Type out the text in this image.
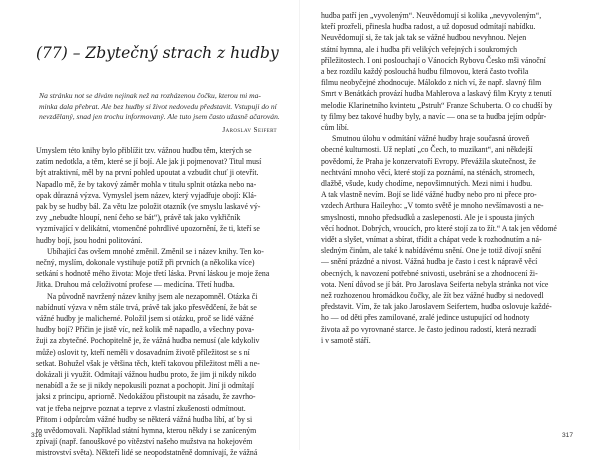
(77) – Zbytečný strach z hudby
Na stránku not se dívám nejinak než na rozházenou čočku, kterou mi ma-
minka dala přebrat. Ale bez hudby si život nedovedu představit. Vstupuji do ní
nevzdělaný, snad jen trochu informovaný. Ale tuto jsem často užasně ačarován.
Jaroslav Seifert
Umyslem této knihy bylo přiblížit tzv. vážnou hudbu těm, kterých se
zatím nedotkla, a těm, které se jí bojí. Ale jak ji pojmenovat? Titul musí
být atraktivní, měl by na první pohled upoutat a vzbudit chuť ji otevřít.
Napadlo mě, že by takový záměr mohla v titulu splnit otázka nebo na-
opak důrazná výzva. Vymyslel jsem název, který vyjadřuje obojí: Klá-
pak by se hudby bál. Za větu lze položit otazník (ve smyslu laskavé vý-
zvy „nebudte hloupí, není čeho se bát“), právě tak jako vykřičník
vyzmívající v delikátní, vtomenčné pohrdlivé upozornění, že ti, kteří se
hudby bojí, jsou hodni politování.
Ubíhající čas ovšem mnohé změnil. Změnil se i název knihy. Ten ko-
nečný, myslím, dokonale vystihuje potíž při prvních (a několika více)
setkání s hodnotě mého života: Moje třetí láska. První láskou je moje žena
Jitka. Druhou má celoživotní profese — medicína. Třetí hudba.
Na původně navržený název knihy jsem ale nezapomněl. Otázka či
nabídnutí výzva v něm stále trvá, právě tak jako přesvědčení, že bát se
vážné hudby je malicherné. Položil jsem si otázku, proč se lidé vážné
hudby bojí? Příčin je jistě víc, než kolik mě napadlo, a všechny pova-
žuji za zbytečné. Pochopitelně je, že vážná hudba nemusí (ale kdykoliv
může) oslovit ty, kteří neměli v dosavadním životě příležitost se s ní
setkat. Bohužel však je většina těch, kteří takovou příležitost měli a ne-
dokázali ji využít. Odmítají vážnou hudbu proto, že jim ji nikdy nikdo
nenabídl a že se ji nikdy nepokusili poznat a pochopit. Jiní ji odmítají
jaksi z principu, apriorně. Nedokážou přistoupit na zásadu, že zavrho-
vat je třeba nejprve poznat a teprve z vlastní zkušenosti odmítnout.
Přitom i odpůrcům vážné hudby se některá vážná hudba líbí, ať by si
to uvědomovali. Například státní hymna, kterou někdy i se zaníceným
zpívají (např. fanouškové po vítězství našeho mužstva na hokejovém
mistrovství světa). Někteří lidé se neopodstatněně domnívají, že vážná
316
hudba patří jen „vyvoleným“. Neuvědomují si kolika „nevyvoleným“,
kteří prozřeli, přinesla hudba radost, a už doposud odmítají nabídku.
Neuvědomují si, že tak jak tak se vážné hudbou nevyhnou. Nejen
státní hymna, ale i hudba při velikých veřejných i soukromých
příležitostech. I oni poslouchají o Vánocích Rybovu Česko mši vánoční
a bez rozdílu každý poslouchá hudbu filmovou, která často tvořila
filmu neobyčejné zhodnocuje. Málokdo z nich ví, že např. slavný film
Smrt v Benátkách provází hudba Mahlerova a laskavý film Kryty z tenutí
melodie Klarinetního kvintetu „Pstruh“ Franze Schuberta. O co chudší by
ty filmy bez takové hudby byly, a navíc — ona se ta hudba jejím odpůr-
cům líbí.
Smutnou úlohu v odmítání vážné hudby hraje současná úroveň
obecné kulturnosti. Už neplatí „co Čech, to muzikant“, ani někdejší
povědomí, že Praha je konzervatoří Evropy. Převážila skutečnost, že
nechtvání mnoho věcí, které stojí za poznámí, na sténách, stromech,
dlažbě, všude, kudy chodíme, nepovšimnutých. Mezi nimi i hudbu.
A tak vlastně nevím. Bojí se lidé vážné hudby nebo pro ni přece pro-
vzdech Arthura Haileyho: „V tomto světě je mnoho nevšímavosti a ne-
smyslnosti, mnoho předsudků a zaslepenosti. Ale je i spousta jiných
věcí hodnot. Dobrých, vroucích, pro které stojí za to žít.“ A tak jen vědomé
vidět a slyšet, vnímat a sbírat, třídit a chápat vede k rozhodnutím a ná-
sledným činům, ale také k nabídávému snění. One je totiž dívojí snění
— snění prázdné a nivost. Vážná hudba je často i cest k nápravě věcí
obecných, k navození potřebné snivosti, usebrání se a zhodnocení ži-
vota. Není důvod se jí bát. Pro Jaroslava Seiferta nebyla stránka not více
než rozhozenou hromádkou čočky, ale žít bez vážné hudby si nedovedl
představit. Vím, že tak jako Jaroslavem Seifertem, hudba oslovuje každé-
ho — od děti přes zamilované, zralé jedince ustupující od hodnoty
života až po vyrovnané starce. Je často jedinou radostí, která nezradí
i v samotě stáří.
317
